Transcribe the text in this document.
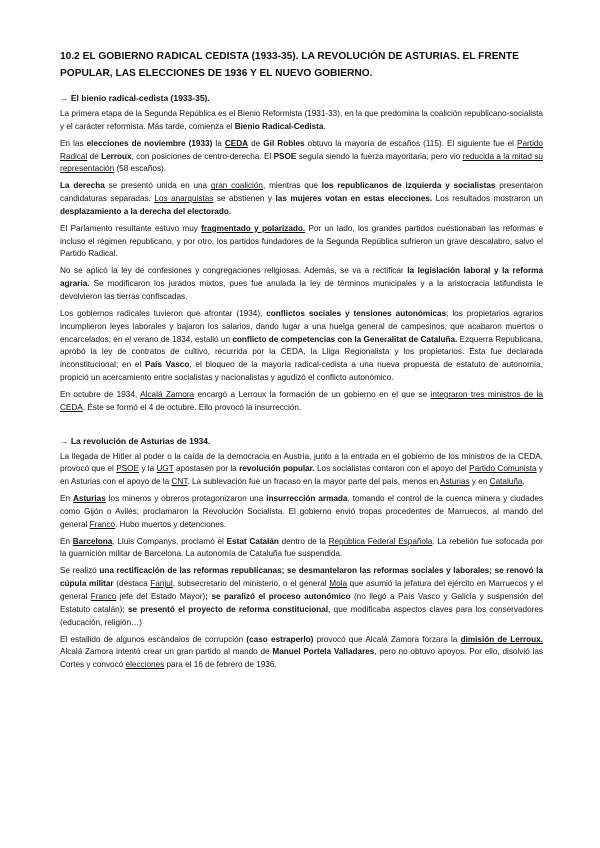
10.2 EL GOBIERNO RADICAL CEDISTA (1933-35). LA REVOLUCIÓN DE ASTURIAS. EL FRENTE POPULAR, LAS ELECCIONES DE 1936 Y EL NUEVO GOBIERNO.
→ El bienio radical-cedista (1933-35).

La primera etapa de la Segunda República es el Bienio Reformista (1931-33), en la que predomina la coalición republicano-socialista y el carácter reformista. Más tarde, comienza el Bienio Radical-Cedista.

En las elecciones de noviembre (1933) la CEDA de Gil Robles obtuvo la mayoría de escaños (115). El siguiente fue el Partido Radical de Lerroux, con posiciones de centro-derecha. El PSOE seguía siendo la fuerza mayoritaria, pero vio reducida a la mitad su representación (58 escaños).

La derecha se presentó unida en una gran coalición, mientras que los republicanos de izquierda y socialistas presentaron candidaturas separadas. Los anarquistas se abstienen y las mujeres votan en estas elecciones. Los resultados mostraron un desplazamiento a la derecha del electorado.

El Parlamento resultante estuvo muy fragmentado y polarizado. Por un lado, los grandes partidos cuestionaban las reformas e incluso el régimen republicano, y por otro, los partidos fundadores de la Segunda República sufrieron un grave descalabro, salvo el Partido Radical.

No se aplicó la ley de confesiones y congregaciones religiosas. Además, se va a rectificar la legislación laboral y la reforma agraria. Se modificaron los jurados mixtos, pues fue anulada la ley de términos municipales y a la aristocracia latifundista le devolvieron las tierras confiscadas.

Los gobiernos radicales tuvieron que afrontar (1934), conflictos sociales y tensiones autonómicas; los propietarios agrarios incumplieron leyes laborales y bajaron los salarios, dando lugar a una huelga general de campesinos, que acabaron muertos o encarcelados; en el verano de 1834, estalló un conflicto de competencias con la Generalitat de Cataluña. Ezquerra Republicana, aprobó la ley de contratos de cultivo, recurrida por la CEDA, la Lliga Regionalista y los propietarios. Ésta fue declarada inconstitucional; en el País Vasco, el bloqueo de la mayoría radical-cedista a una nueva propuesta de estatuto de autonomía, propició un acercamiento entre socialistas y nacionalistas y agudizó el conflicto autonómico.

En octubre de 1934, Alcalá Zamora encargó a Lerroux la formación de un gobierno en el que se integraron tres ministros de la CEDA. Éste se formó el 4 de octubre. Ello provocó la insurrección.

→ La revolución de Asturias de 1934.

La llegada de Hitler al poder o la caída de la democracia en Austria, junto a la entrada en el gobierno de los ministros de la CEDA, provocó que el PSOE y la UGT apostasen por la revolución popular. Los socialistas contaron con el apoyo del Partido Comunista y en Asturias con el apoyo de la CNT. La sublevación fue un fracaso en la mayor parte del país, menos en Asturias y en Cataluña.

En Asturias los mineros y obreros protagonizaron una insurrección armada, tomando el control de la cuenca minera y ciudades como Gijón o Avilés; proclamaron la Revolución Socialista. El gobierno envió tropas procedentes de Marruecos, al mando del general Franco. Hubo muertos y detenciones.

En Barcelona, Lluis Companys, proclamó el Estat Catalán dentro de la República Federal Española. La rebelión fue sofocada por la guarnición militar de Barcelona. La autonomía de Cataluña fue suspendida.

Se realizó una rectificación de las reformas republicanas; se desmantelaron las reformas sociales y laborales; se renovó la cúpula militar (destaca Fanjul, subsecretario del ministerio, o el general Mola que asumió la jefatura del ejército en Marruecos y el general Franco jefe del Estado Mayor); se paralizó el proceso autonómico (no llegó a País Vasco y Galicia y suspensión del Estatuto catalán); se presentó el proyecto de reforma constitucional, que modificaba aspectos claves para los conservadores (educación, religión…)

El estallido de algunos escándalos de corrupción (caso estraperlo) provocó que Alcalá Zamora forzara la dimisión de Lerroux. Alcalá Zamora intentó crear un gran partido al mando de Manuel Portela Valladares, pero no obtuvo apoyos. Por ello, disolvió las Cortes y convocó elecciones para el 16 de febrero de 1936.
